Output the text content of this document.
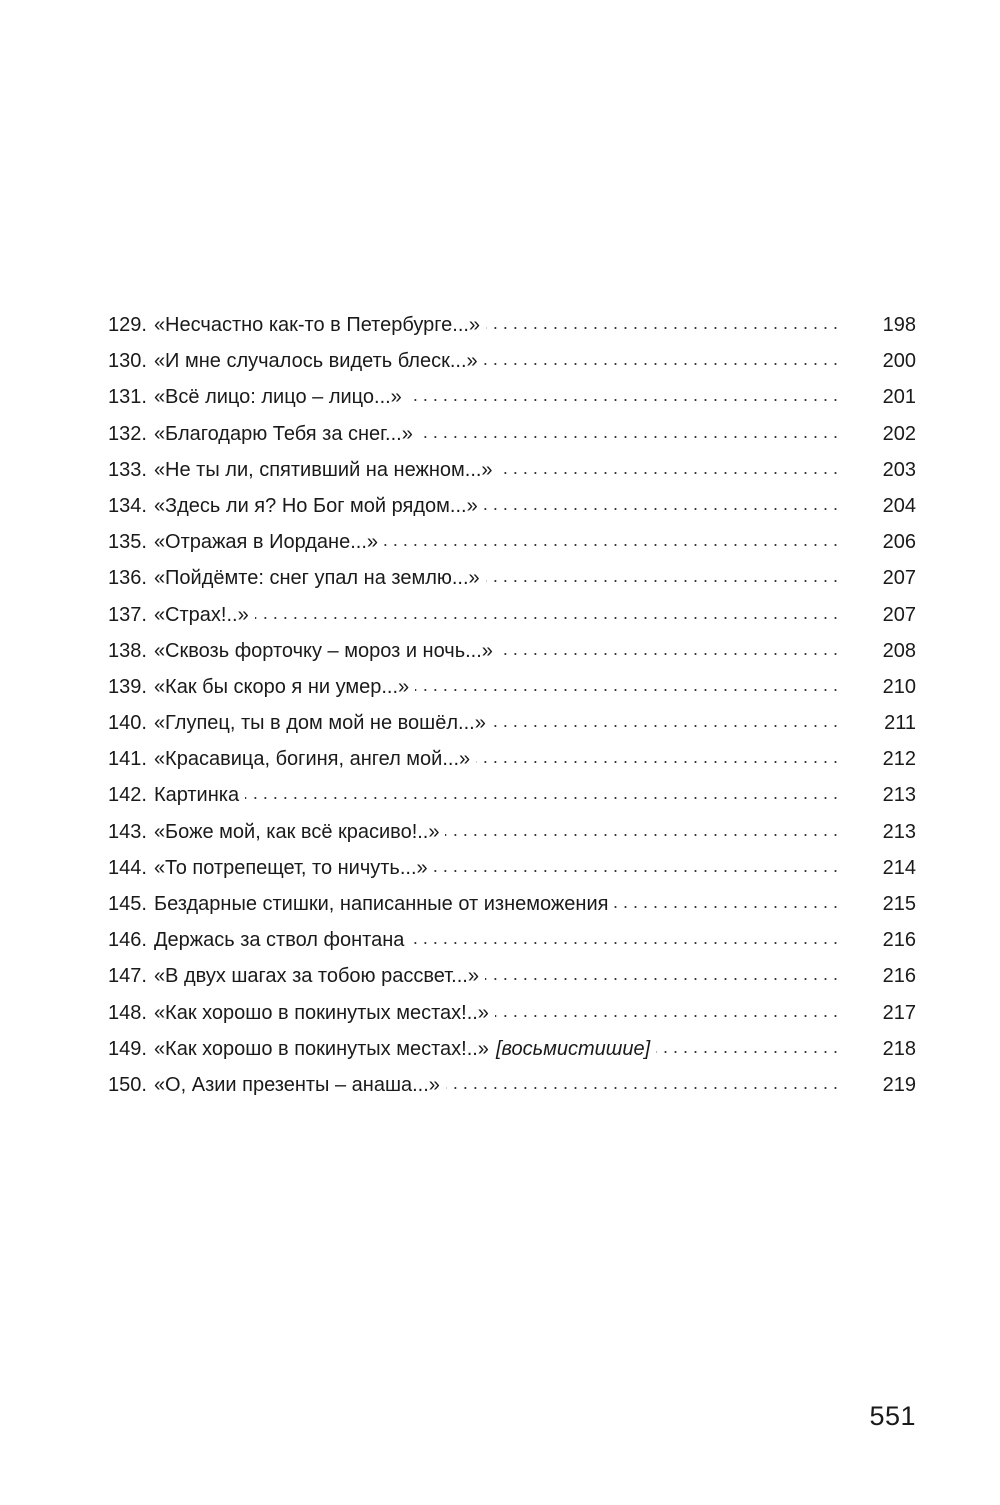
129. «Несчастно как-то в Петербурге...» . . .	198
130. «И мне случалось видеть блеск...» . . .	200
131. «Всё лицо: лицо – лицо...» . . .	201
132. «Благодарю Тебя за снег...» . . .	202
133. «Не ты ли, спятивший на нежном...» . . .	203
134. «Здесь ли я? Но Бог мой рядом...» . . .	204
135. «Отражая в Иордане...» . . .	206
136. «Пойдёмте: снег упал на землю...» . . .	207
137. «Страх!..» . . .	207
138. «Сквозь форточку – мороз и ночь...» . . .	208
139. «Как бы скоро я ни умер...» . . .	210
140. «Глупец, ты в дом мой не вошёл...» . . .	211
141. «Красавица, богиня, ангел мой...» . . .	212
142. Картинка . . .	213
143. «Боже мой, как всё красиво!..» . . .	213
144. «То потрепещет, то ничуть...» . . .	214
145. Бездарные стишки, написанные от изнеможения . . .	215
146. Держась за ствол фонтана . . .	216
147. «В двух шагах за тобою рассвет...» . . .	216
148. «Как хорошо в покинутых местах!..» . . .	217
149. «Как хорошо в покинутых местах!..» [восьмистишие] . . .	218
150. «О, Азии презенты – анаша...» . . .	219
551
